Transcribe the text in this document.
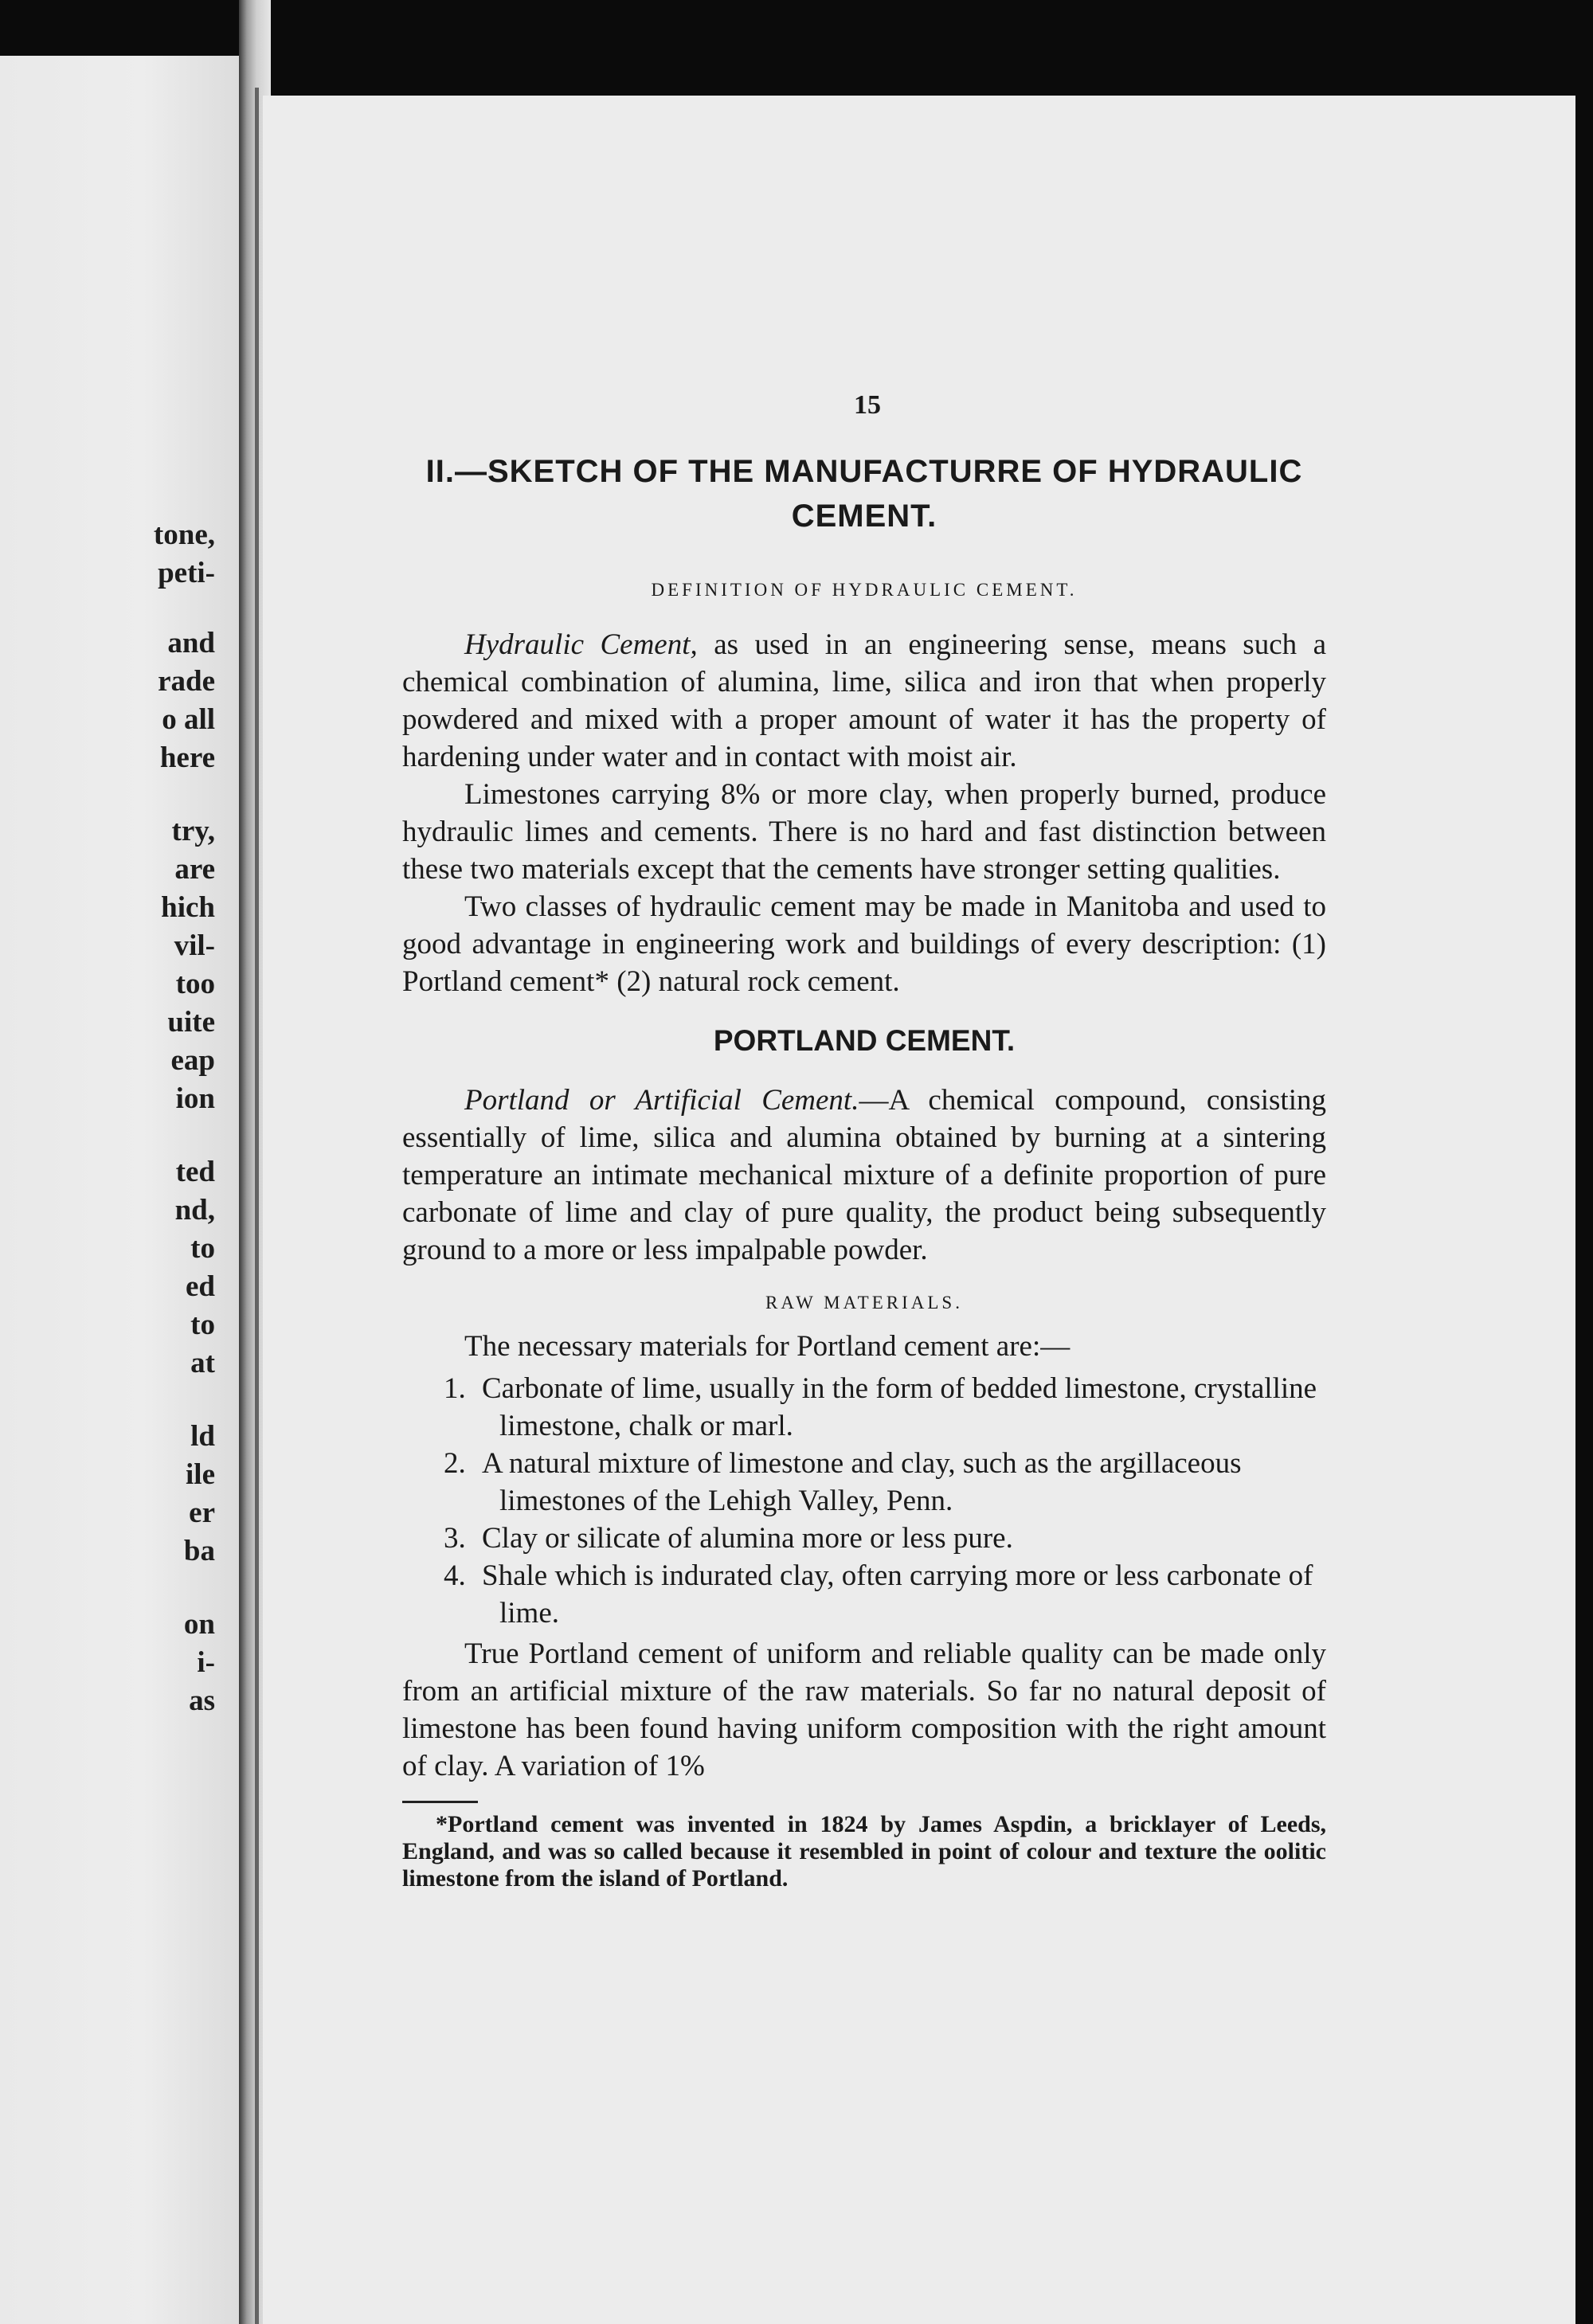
tone,
peti-
and
rade
o all
here
try,
are
hich
vil-
too
uite
eap
ion
ted
nd,
to
ed
to
at
ld
ile
er
ba
on
i-
as
15
II.—SKETCH OF THE MANUFACTURRE OF HYDRAULIC
CEMENT.
DEFINITION OF HYDRAULIC CEMENT.

Hydraulic Cement, as used in an engineering sense, means such a chemical combination of alumina, lime, silica and iron that when properly powdered and mixed with a proper amount of water it has the property of hardening under water and in contact with moist air.

Limestones carrying 8% or more clay, when properly burned, produce hydraulic limes and cements. There is no hard and fast distinction between these two materials except that the cements have stronger setting qualities.

Two classes of hydraulic cement may be made in Manitoba and used to good advantage in engineering work and buildings of every description: (1) Portland cement* (2) natural rock cement.

PORTLAND CEMENT.

Portland or Artificial Cement.—A chemical compound, consisting essentially of lime, silica and alumina obtained by burning at a sintering temperature an intimate mechanical mixture of a definite proportion of pure carbonate of lime and clay of pure quality, the product being subsequently ground to a more or less impalpable powder.

RAW MATERIALS.

The necessary materials for Portland cement are:—

1. Carbonate of lime, usually in the form of bedded limestone, crystalline limestone, chalk or marl.
2. A natural mixture of limestone and clay, such as the argillaceous limestones of the Lehigh Valley, Penn.
3. Clay or silicate of alumina more or less pure.
4. Shale which is indurated clay, often carrying more or less carbonate of lime.

True Portland cement of uniform and reliable quality can be made only from an artificial mixture of the raw materials. So far no natural deposit of limestone has been found having uniform composition with the right amount of clay. A variation of 1%

*Portland cement was invented in 1824 by James Aspdin, a bricklayer of Leeds, England, and was so called because it resembled in point of colour and texture the oolitic limestone from the island of Portland.
